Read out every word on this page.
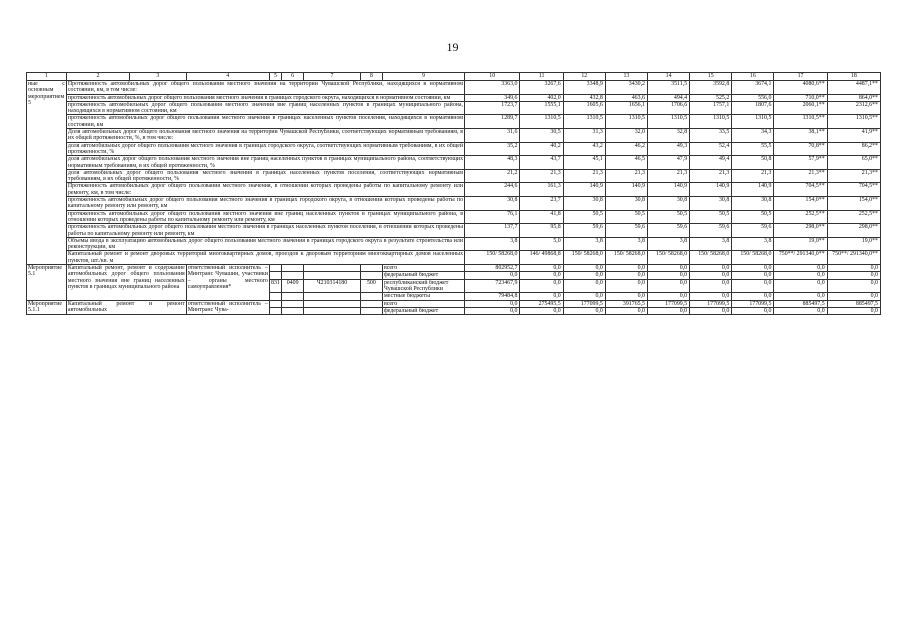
19
1	2	3	4	5	6	7	8	9	10	11	12	13	14	15	16	17	18
ные с основным мероприятием 5	Протяженность автомобильных дорог общего пользования местного значения на территории Чувашской Республики, находящихся в нормативном состоянии, км, в том числе:								3363,0	3267,6	3348,9	3430,2	3511,5	3592,8	3674,1	4080,6**	4487,1**
	протяженность автомобильных дорог общего пользования местного значения в границах городского округа, находящихся в нормативном состоянии, км								349,6	402,0	432,8	463,6	494,4	525,2	556,0	710,0**	864,0**
	протяженность автомобильных дорог общего пользования местного значения вне границ населенных пунктов в границах муниципального района, находящихся в нормативном состоянии, км								1723,7	1555,1	1605,6	1656,1	1706,6	1757,1	1807,6	2060,1**	2312,6**
	протяженность автомобильных дорог общего пользования местного значения в границах населенных пунктов поселения, находящихся в нормативном состоянии, км								1289,7	1310,5	1310,5	1310,5	1310,5	1310,5	1310,5	1310,5**	1310,5**
	Доля автомобильных дорог общего пользования местного значения на территории Чувашской Республики, соответствующих нормативным требованиям, в их общей протяженности, %, в том числе:								31,6	30,5	31,3	32,0	32,8	33,5	34,3	38,1**	41,9**
	доля автомобильных дорог общего пользования местного значения в границах городского округа, соответствующих нормативным требованиям, в их общей протяженности, %								35,2	40,2	43,2	46,2	49,3	52,4	55,5	70,8**	86,2**
	доля автомобильных дорог общего пользования местного значения вне границ населенных пунктов в границах муниципального района, соответствующих нормативным требованиям, в их общей протяженности, %								48,3	43,7	45,1	46,5	47,9	49,4	50,8	57,9**	65,0**
	доля автомобильных дорог общего пользования местного значения в границах населенных пунктов поселения, соответствующих нормативным требованиям, в их общей протяженности, %								21,2	21,3	21,3	21,3	21,3	21,3	21,3	21,3**	21,3**
	Протяженность автомобильных дорог общего пользования местного значения, в отношении которых проведены работы по капитальному ремонту или ремонту, км, в том числе:								244,6	161,3	140,9	140,9	140,9	140,9	140,9	704,5**	704,5**
	протяженность автомобильных дорог общего пользования местного значения в границах городского округа, в отношении которых проведены работы по капитальному ремонту или ремонту, км								30,8	23,7	30,8	30,8	30,8	30,8	30,8	154,0**	154,0**
	протяженность автомобильных дорог общего пользования местного значения вне границ населенных пунктов в границах муниципального района, в отношении которых проведены работы по капитальному ремонту или ремонту, км								76,1	41,8	50,5	50,5	50,5	50,5	50,5	252,5**	252,5**
	протяженность автомобильных дорог общего пользования местного значения в границах населенных пунктов поселения, в отношении которых проведены работы по капитальному ремонту или ремонту, км								137,7	95,8	59,6	59,6	59,6	59,6	59,6	298,0**	298,0**
	Объемы ввода в эксплуатацию автомобильных дорог общего пользования местного значения в границах городского округа в результате строительства или реконструкции, км								3,8	5,0	3,8	3,8	3,8	3,8	3,8	19,0**	19,0**
	Капитальный ремонт и ремонт дворовых территорий многоквартирных домов, проездов к дворовым территориям многоквартирных домов населенных пунктов, шт./кв. м								150/ 58268,0	146/ 49868,8	150/ 58268,0	150/ 58268,0	150/ 58268,0	150/ 58268,0	150/ 58268,0	750**/ 291340,0**	750**/ 291340,0**
Мероприятие 5.1	Капитальный ремонт, ремонт и содержание автомобильных дорог общего пользования местного значения вне границ населенных пунктов в границах муниципального района		ответственный исполнитель – Минтранс Чувашии, участники – органы местного самоуправления*					всего	802952,7	0,0	0,0	0,0	0,0	0,0	0,0	0,0	0,0
								федеральный бюджет	0,0	0,0	0,0	0,0	0,0	0,0	0,0	0,0	0,0
				831	0409	Ч210314180	500	республиканский бюджет Чувашской Республики	723467,9	0,0	0,0	0,0	0,0	0,0	0,0	0,0	0,0
								местные бюджеты	79484,8	0,0	0,0	0,0	0,0	0,0	0,0	0,0	0,0
Мероприятие 5.1.1	Капитальный ремонт и ремонт автомобильных		ответственный исполнитель – Минтранс Чува-					всего	0,0	275495,5	177099,5	391765,5	177099,5	177099,5	177099,5	885497,5	885497,5
								федеральный бюджет	0,0	0,0	0,0	0,0	0,0	0,0	0,0	0,0	0,0
